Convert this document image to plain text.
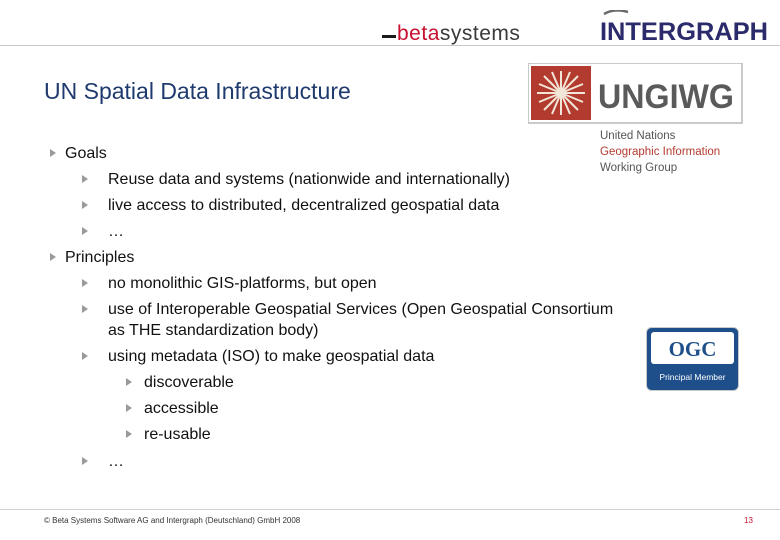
betasystems	INTERGRAPH
UN Spatial Data Infrastructure	UNGIWG
United Nations
Geographic Information
Working Group
Goals
Reuse data and systems (nationwide and internationally)
live access to distributed, decentralized geospatial data
…
Principles
no monolithic GIS-platforms, but open
use of Interoperable Geospatial Services (Open Geospatial Consortium
as THE standardization body)
using metadata (ISO) to make geospatial data
discoverable
accessible
re-usable
…
OGC
Principal Member
© Beta Systems Software AG and Intergraph (Deutschland) GmbH 2008	13
